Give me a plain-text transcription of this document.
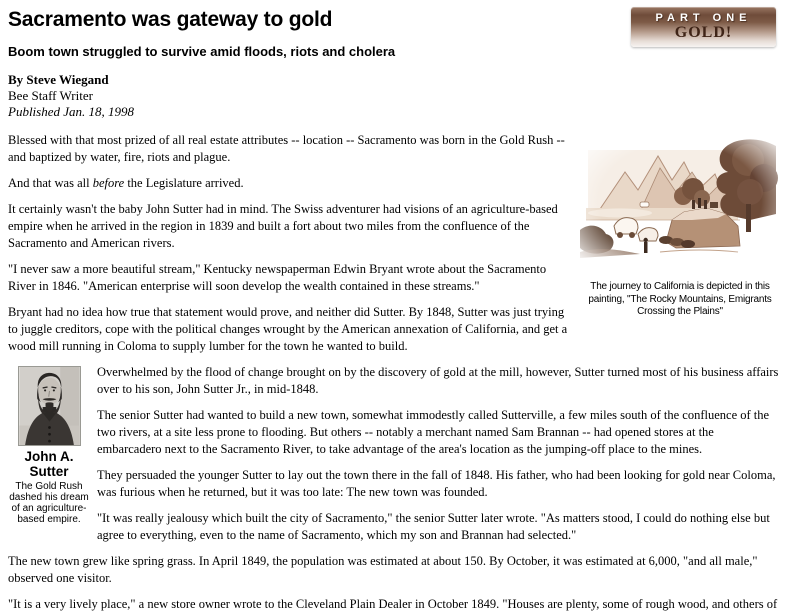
PART ONE
GOLD!
Sacramento was gateway to gold
Boom town struggled to survive amid floods, riots and cholera
By Steve Wiegand
Bee Staff Writer
Published Jan. 18, 1998
The journey to California is depicted in this painting, "The Rocky Mountains, Emigrants Crossing the Plains"

Blessed with that most prized of all real estate attributes -- location -- Sacramento was born in the Gold Rush -- and baptized by water, fire, riots and plague.

And that was all before the Legislature arrived.

It certainly wasn't the baby John Sutter had in mind. The Swiss adventurer had visions of an agriculture-based empire when he arrived in the region in 1839 and built a fort about two miles from the confluence of the Sacramento and American rivers.

"I never saw a more beautiful stream," Kentucky newspaperman Edwin Bryant wrote about the Sacramento River in 1846. "American enterprise will soon develop the wealth contained in these streams."

Bryant had no idea how true that statement would prove, and neither did Sutter. By 1848, Sutter was just trying to juggle creditors, cope with the political changes wrought by the American annexation of California, and get a wood mill running in Coloma to supply lumber for the town he wanted to build.

John A. Sutter
The Gold Rush dashed his dream of an agriculture-based empire.

Overwhelmed by the flood of change brought on by the discovery of gold at the mill, however, Sutter turned most of his business affairs over to his son, John Sutter Jr., in mid-1848.

The senior Sutter had wanted to build a new town, somewhat immodestly called Sutterville, a few miles south of the confluence of the two rivers, at a site less prone to flooding. But others -- notably a merchant named Sam Brannan -- had opened stores at the embarcadero next to the Sacramento River, to take advantage of the area's location as the jumping-off place to the mines.

They persuaded the younger Sutter to lay out the town there in the fall of 1848. His father, who had been looking for gold near Coloma, was furious when he returned, but it was too late: The new town was founded.

"It was really jealousy which built the city of Sacramento," the senior Sutter later wrote. "As matters stood, I could do nothing else but agree to everything, even to the name of Sacramento, which my son and Brannan had selected."

The new town grew like spring grass. In April 1849, the population was estimated at about 150. By October, it was estimated at 6,000, "and all male," observed one visitor.

"It is a very lively place," a new store owner wrote to the Cleveland Plain Dealer in October 1849. "Houses are plenty, some of rough wood, and others of
